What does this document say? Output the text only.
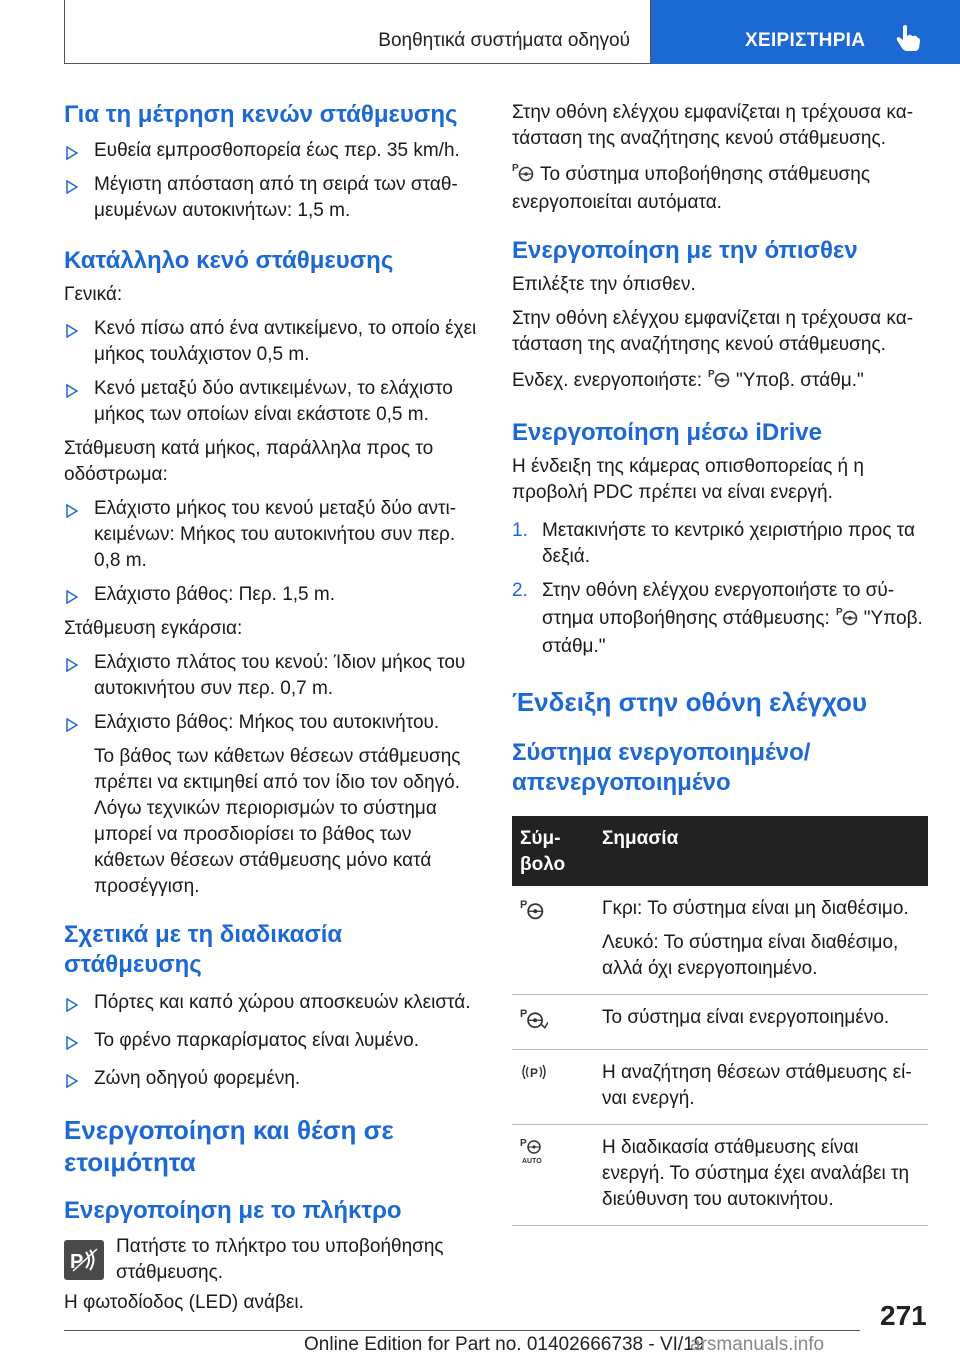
Βοηθητικά συστήματα οδηγού	ΧΕΙΡΙΣΤΗΡΙΑ
Για τη μέτρηση κενών στάθμευσης
Ευθεία εμπροσθοπορεία έως περ. 35 km/h.
Μέγιστη απόσταση από τη σειρά των σταθμευμένων αυτοκινήτων: 1,5 m.
Κατάλληλο κενό στάθμευσης

Γενικά:

Κενό πίσω από ένα αντικείμενο, το οποίο έχει μήκος τουλάχιστον 0,5 m.
Κενό μεταξύ δύο αντικειμένων, το ελάχιστο μήκος των οποίων είναι εκάστοτε 0,5 m.

Στάθμευση κατά μήκος, παράλληλα προς το οδόστρωμα:

Ελάχιστο μήκος του κενού μεταξύ δύο αντικειμένων: Μήκος του αυτοκινήτου συν περ. 0,8 m.
Ελάχιστο βάθος: Περ. 1,5 m.

Στάθμευση εγκάρσια:

Ελάχιστο πλάτος του κενού: Ίδιον μήκος του αυτοκινήτου συν περ. 0,7 m.
Ελάχιστο βάθος: Μήκος του αυτοκινήτου.

Το βάθος των κάθετων θέσεων στάθμευσης πρέπει να εκτιμηθεί από τον ίδιο τον οδηγό. Λόγω τεχνικών περιορισμών το σύστημα μπορεί να προσδιορίσει το βάθος των κάθετων θέσεων στάθμευσης μόνο κατά προσέγγιση.

Σχετικά με τη διαδικασία στάθμευσης
Πόρτες και καπό χώρου αποσκευών κλειστά.
Το φρένο παρκαρίσματος είναι λυμένο.
Ζώνη οδηγού φορεμένη.
Ενεργοποίηση και θέση σε ετοιμότητα
Ενεργοποίηση με το πλήκτρο
P

Πατήστε το πλήκτρο του υποβοήθησης στάθμευσης.

Η φωτοδίοδος (LED) ανάβει.

Στην οθόνη ελέγχου εμφανίζεται η τρέχουσα κατάσταση της αναζήτησης κενού στάθμευσης.

P Το σύστημα υποβοήθησης στάθμευσης ενεργοποιείται αυτόματα.

Ενεργοποίηση με την όπισθεν

Επιλέξτε την όπισθεν.

Στην οθόνη ελέγχου εμφανίζεται η τρέχουσα κατάσταση της αναζήτησης κενού στάθμευσης.

Ενδεχ. ενεργοποιήστε: P "Υποβ. στάθμ."

Ενεργοποίηση μέσω iDrive

Η ένδειξη της κάμερας οπισθοπορείας ή η προβολή PDC πρέπει να είναι ενεργή.

1. Μετακινήστε το κεντρικό χειριστήριο προς τα δεξιά.
2. Στην οθόνη ελέγχου ενεργοποιήστε το σύστημα υποβοήθησης στάθμευσης: P "Υποβ. στάθμ."
Ένδειξη στην οθόνη ελέγχου
Σύστημα ενεργοποιημένο/ απενεργοποιημένο
Σύμβολο	Σημασία

P	Γκρι: Το σύστημα είναι μη διαθέσιμο.
Λευκό: Το σύστημα είναι διαθέσιμο, αλλά όχι ενεργοποιημένο.

P	Το σύστημα είναι ενεργοποιημένο.

P	Η αναζήτηση θέσεων στάθμευσης είναι ενεργή.

P
AUTO	Η διαδικασία στάθμευσης είναι ενεργή. Το σύστημα έχει αναλάβει τη διεύθυνση του αυτοκινήτου.
271
Online Edition for Part no. 01402666738 - VI/19
arsmanuals.info
